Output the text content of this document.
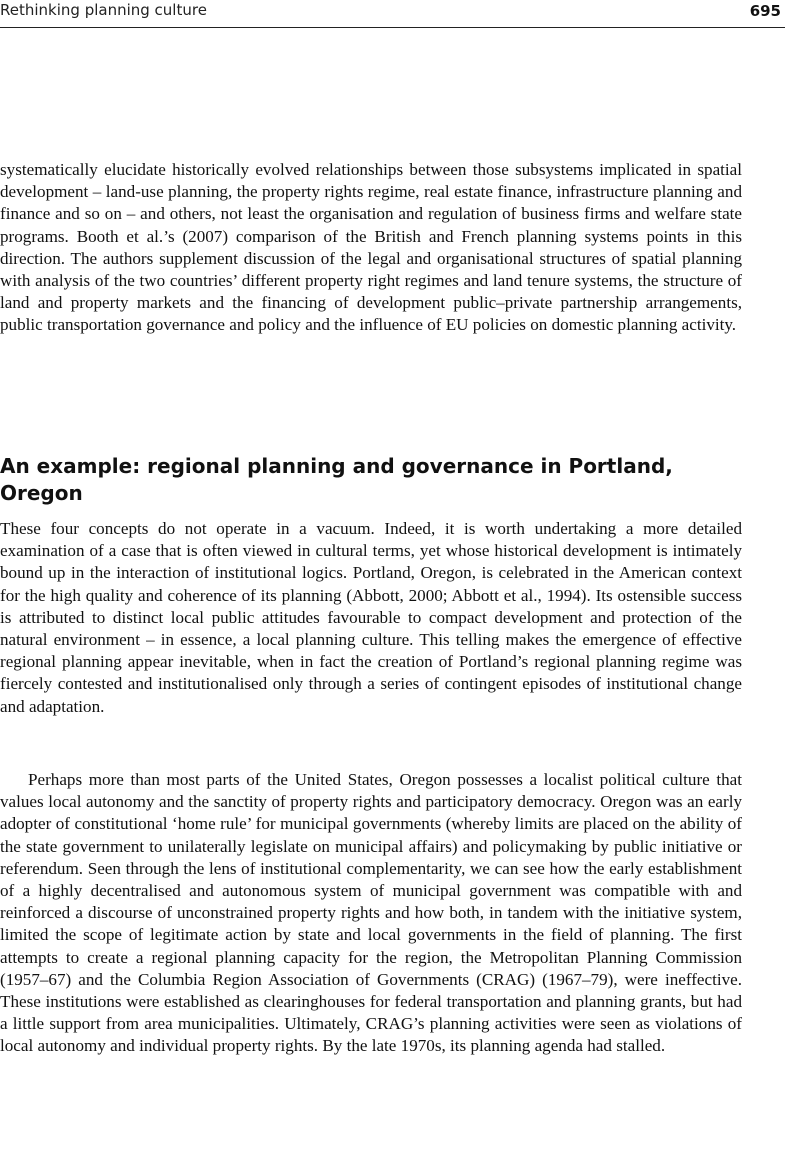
Rethinking planning culture	695

systematically elucidate historically evolved relationships between those subsystems implicated in spatial development – land-use planning, the property rights regime, real estate finance, infrastructure planning and finance and so on – and others, not least the organisation and regulation of business firms and welfare state programs. Booth et al.’s (2007) comparison of the British and French planning systems points in this direction. The authors supplement discussion of the legal and organisational structures of spatial planning with analysis of the two countries’ different property right regimes and land tenure systems, the structure of land and property markets and the financing of development public–private partnership arrangements, public transportation governance and policy and the influence of EU policies on domestic planning activity.

An example: regional planning and governance in Portland, Oregon

These four concepts do not operate in a vacuum. Indeed, it is worth undertaking a more detailed examination of a case that is often viewed in cultural terms, yet whose historical development is intimately bound up in the interaction of institutional logics. Portland, Oregon, is celebrated in the American context for the high quality and coherence of its planning (Abbott, 2000; Abbott et al., 1994). Its ostensible success is attributed to distinct local public attitudes favourable to compact development and protection of the natural environment – in essence, a local planning culture. This telling makes the emergence of effective regional planning appear inevitable, when in fact the creation of Portland’s regional planning regime was fiercely contested and institutionalised only through a series of contingent episodes of institutional change and adaptation.

Perhaps more than most parts of the United States, Oregon possesses a localist political culture that values local autonomy and the sanctity of property rights and participatory democracy. Oregon was an early adopter of constitutional ‘home rule’ for municipal governments (whereby limits are placed on the ability of the state government to unilaterally legislate on municipal affairs) and policymaking by public initiative or referendum. Seen through the lens of institutional complementarity, we can see how the early establishment of a highly decentralised and autonomous system of municipal government was compatible with and reinforced a discourse of unconstrained property rights and how both, in tandem with the initiative system, limited the scope of legitimate action by state and local governments in the field of planning. The first attempts to create a regional planning capacity for the region, the Metropolitan Planning Commission (1957–67) and the Columbia Region Association of Governments (CRAG) (1967–79), were ineffective. These institutions were established as clearinghouses for federal transportation and planning grants, but had a little support from area municipalities. Ultimately, CRAG’s planning activities were seen as violations of local autonomy and individual property rights. By the late 1970s, its planning agenda had stalled.
